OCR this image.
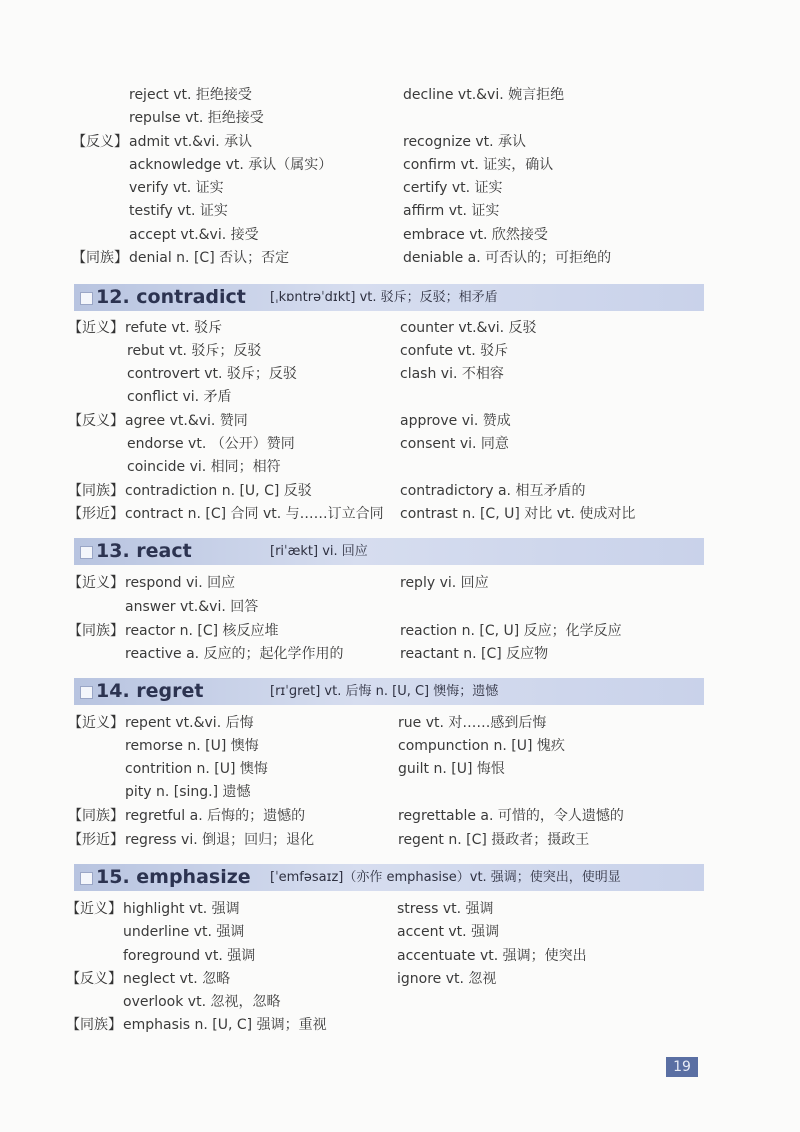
reject vt. 拒绝接受	decline vt.&vi. 婉言拒绝
repulse vt. 拒绝接受
【反义】 admit vt.&vi. 承认	recognize vt. 承认
acknowledge vt. 承认（属实）	confirm vt. 证实，确认
verify vt. 证实	certify vt. 证实
testify vt. 证实	affirm vt. 证实
accept vt.&vi. 接受	embrace vt. 欣然接受
【同族】 denial n. [C] 否认；否定	deniable a. 可否认的；可拒绝的
12. contradict [ˌkɒntrəˈdɪkt] vt. 驳斥；反驳；相矛盾
【近义】 refute vt. 驳斥	counter vt.&vi. 反驳
rebut vt. 驳斥；反驳	confute vt. 驳斥
controvert vt. 驳斥；反驳	clash vi. 不相容
conflict vi. 矛盾
【反义】 agree vt.&vi. 赞同	approve vi. 赞成
endorse vt. （公开）赞同	consent vi. 同意
coincide vi. 相同；相符
【同族】 contradiction n. [U, C] 反驳	contradictory a. 相互矛盾的
【形近】 contract n. [C] 合同 vt. 与……订立合同 contrast n. [C, U] 对比 vt. 使成对比
13. react	[riˈækt] vi. 回应
【近义】 respond vi. 回应	reply vi. 回应
answer vt.&vi. 回答
【同族】 reactor n. [C] 核反应堆	reaction n. [C, U] 反应；化学反应
reactive a. 反应的；起化学作用的	reactant n. [C] 反应物
14. regret	[rɪˈɡret] vt. 后悔 n. [U, C] 懊悔；遗憾
【近义】 repent vt.&vi. 后悔	rue vt. 对……感到后悔
remorse n. [U] 懊悔	compunction n. [U] 愧疚
contrition n. [U] 懊悔	guilt n. [U] 悔恨
pity n. [sing.] 遗憾
【同族】 regretful a. 后悔的；遗憾的	regrettable a. 可惜的，令人遗憾的
【形近】 regress vi. 倒退；回归；退化	regent n. [C] 摄政者；摄政王
15. emphasize [ˈemfəsaɪz]（亦作 emphasise）vt. 强调；使突出，使明显
【近义】 highlight vt. 强调	stress vt. 强调
underline vt. 强调	accent vt. 强调
foreground vt. 强调	accentuate vt. 强调；使突出
【反义】 neglect vt. 忽略	ignore vt. 忽视
overlook vt. 忽视，忽略
【同族】 emphasis n. [U, C] 强调；重视
19
